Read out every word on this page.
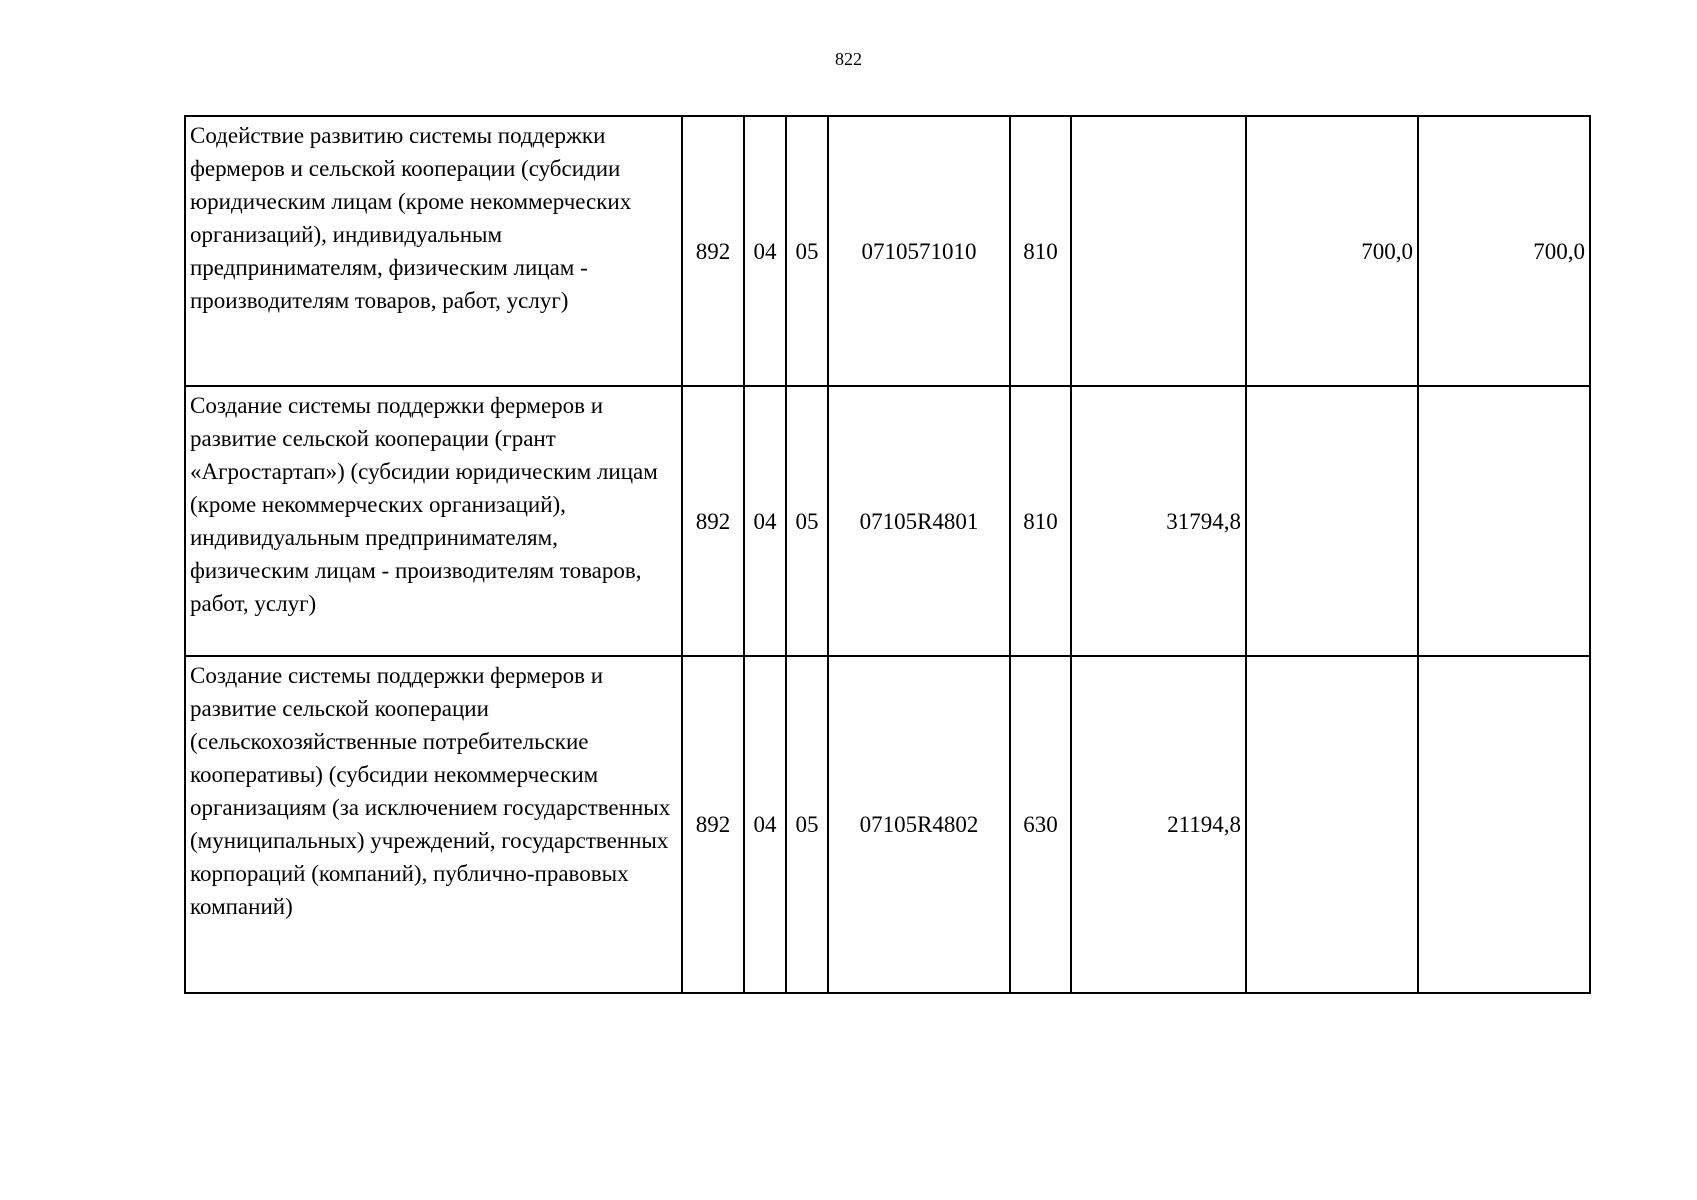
822
Содействие развитию системы поддержки фермеров и сельской кооперации (субсидии юридическим лицам (кроме некоммерческих организаций), индивидуальным предпринимателям, физическим лицам - производителям товаров, работ, услуг)	892	04	05	0710571010	810		700,0	700,0
Создание системы поддержки фермеров и развитие сельской кооперации (грант «Агростартап») (субсидии юридическим лицам (кроме некоммерческих организаций), индивидуальным предпринимателям, физическим лицам - производителям товаров, работ, услуг)	892	04	05	07105R4801	810	31794,8		
Создание системы поддержки фермеров и развитие сельской кооперации (сельскохозяйственные потребительские кооперативы) (субсидии некоммерческим организациям (за исключением государственных (муниципальных) учреждений, государственных корпораций (компаний), публично-правовых компаний)	892	04	05	07105R4802	630	21194,8		
